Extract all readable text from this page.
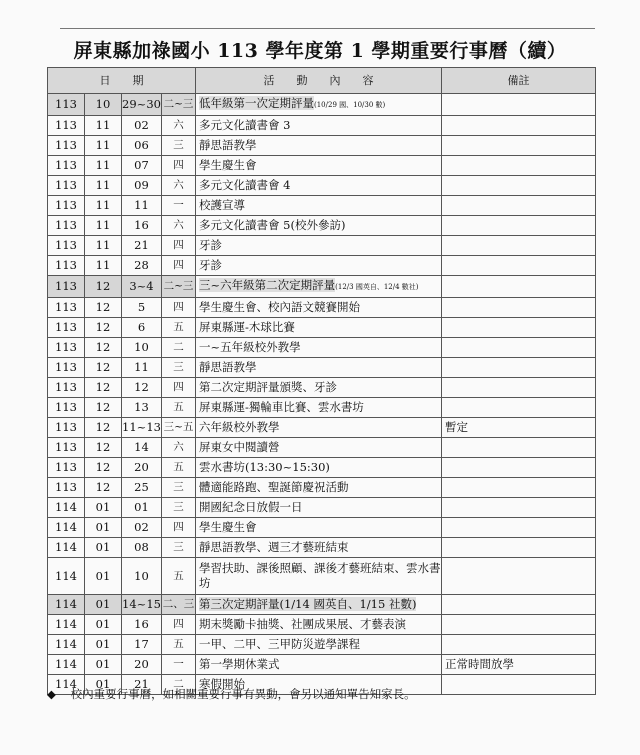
屏東縣加祿國小 113 學年度第 1 學期重要行事曆（續）
日　　期				活　　動　　內　　容	備註
113	10	29~30	二~三	低年級第一次定期評量(10/29 國、10/30 數)	
113	11	02	六	多元文化讀書會 3	
113	11	06	三	靜思語教學	
113	11	07	四	學生慶生會	
113	11	09	六	多元文化讀書會 4	
113	11	11	一	校護宣導	
113	11	16	六	多元文化讀書會 5(校外參訪)	
113	11	21	四	牙診	
113	11	28	四	牙診	
113	12	3~4	二~三	三~六年級第二次定期評量(12/3 國英自、12/4 數社)	
113	12	5	四	學生慶生會、校內語文競賽開始	
113	12	6	五	屏東縣運-木球比賽	
113	12	10	二	一~五年級校外教學	
113	12	11	三	靜思語教學	
113	12	12	四	第二次定期評量頒獎、牙診	
113	12	13	五	屏東縣運-獨輪車比賽、雲水書坊	
113	12	11~13	三~五	六年級校外教學	暫定
113	12	14	六	屏東女中閱讀營	
113	12	20	五	雲水書坊(13:30~15:30)	
113	12	25	三	體適能路跑、聖誕節慶祝活動	
114	01	01	三	開國紀念日放假一日	
114	01	02	四	學生慶生會	
114	01	08	三	靜思語教學、週三才藝班結束	
114	01	10	五	學習扶助、課後照顧、課後才藝班結束、雲水書坊	
114	01	14~15	二、三	第三次定期評量(1/14 國英自、1/15 社數)	
114	01	16	四	期末獎勵卡抽獎、社團成果展、才藝表演	
114	01	17	五	一甲、二甲、三甲防災遊學課程	
114	01	20	一	第一學期休業式	正常時間放學
114	01	21	二	寒假開始	
◆ 校內重要行事曆，如相關重要行事有異動，會另以通知單告知家長。
